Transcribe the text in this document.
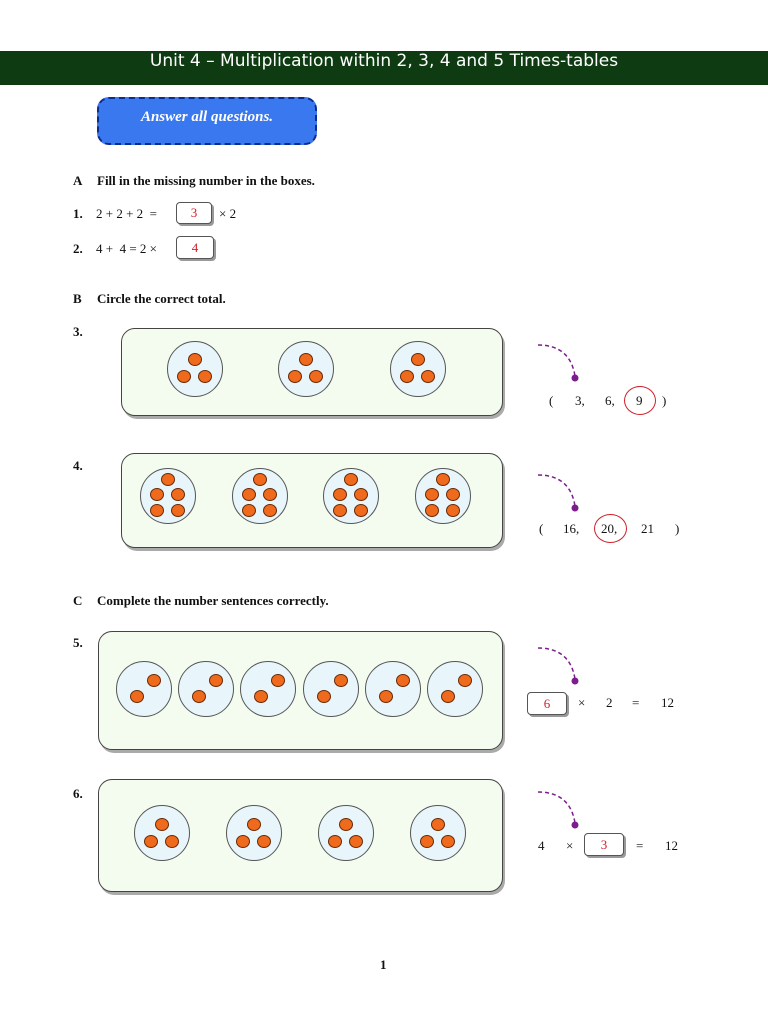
Unit 4 – Multiplication within 2, 3, 4 and 5 Times-tables
Answer all questions.
A Fill in the missing number in the boxes.
1. 2 + 2 + 2  =	3	× 2
2. 4 +  4 = 2 ×	4
B Circle the correct total.
3.
( 3, 6, 9 )
4.
( 16, 20, 21 )
C Complete the number sentences correctly.
5.
6	× 2 = 12
6.
4 ×	3	= 12
1
